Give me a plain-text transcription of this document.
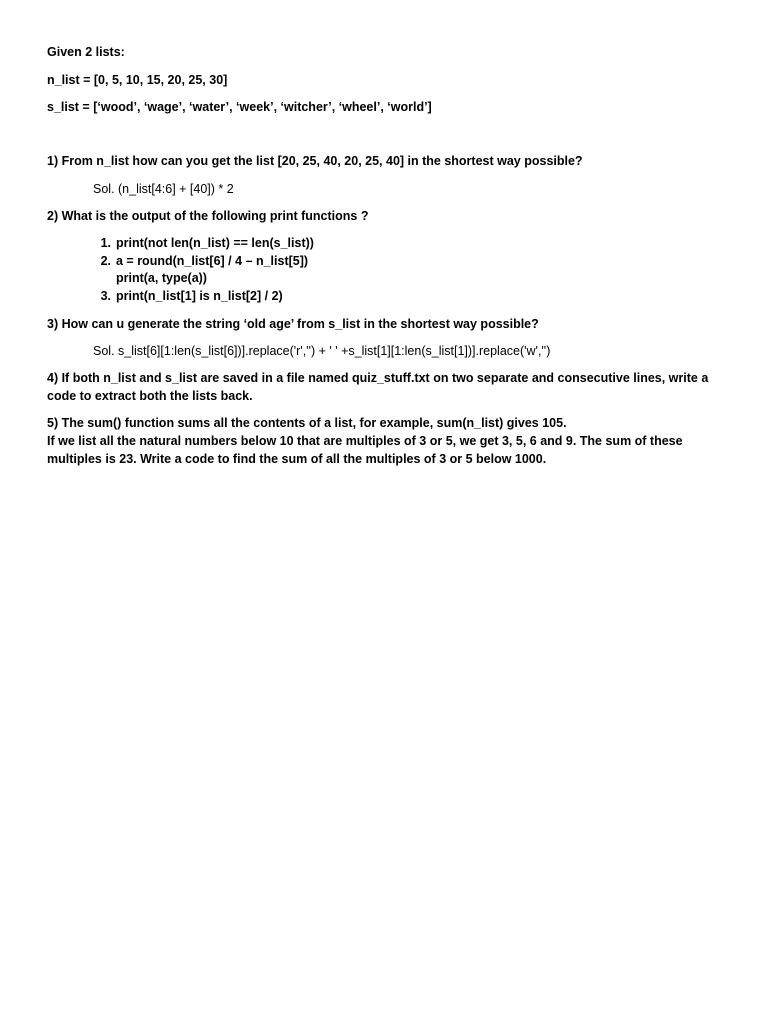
Given 2 lists:
n_list = [0, 5, 10, 15, 20, 25, 30]
s_list = [‘wood’, ‘wage’, ‘water’, ‘week’, ‘witcher’, ‘wheel’, ‘world’]
1) From n_list how can you get the list [20, 25, 40, 20, 25, 40] in the shortest way possible?
Sol. (n_list[4:6] + [40]) * 2
2) What is the output of the following print functions ?
1. print(not len(n_list) == len(s_list))
2. a = round(n_list[6] / 4 – n_list[5])
print(a, type(a))
3. print(n_list[1] is n_list[2] / 2)
3) How can u generate the string ‘old age’ from s_list in the shortest way possible?
Sol. s_list[6][1:len(s_list[6])].replace('r','') + ' ' +s_list[1][1:len(s_list[1])].replace('w','')
4) If both n_list and s_list are saved in a file named quiz_stuff.txt on two separate and consecutive lines, write a
code to extract both the lists back.
5) The sum() function sums all the contents of a list, for example, sum(n_list) gives 105.
If we list all the natural numbers below 10 that are multiples of 3 or 5, we get 3, 5, 6 and 9. The sum of these
multiples is 23. Write a code to find the sum of all the multiples of 3 or 5 below 1000.
